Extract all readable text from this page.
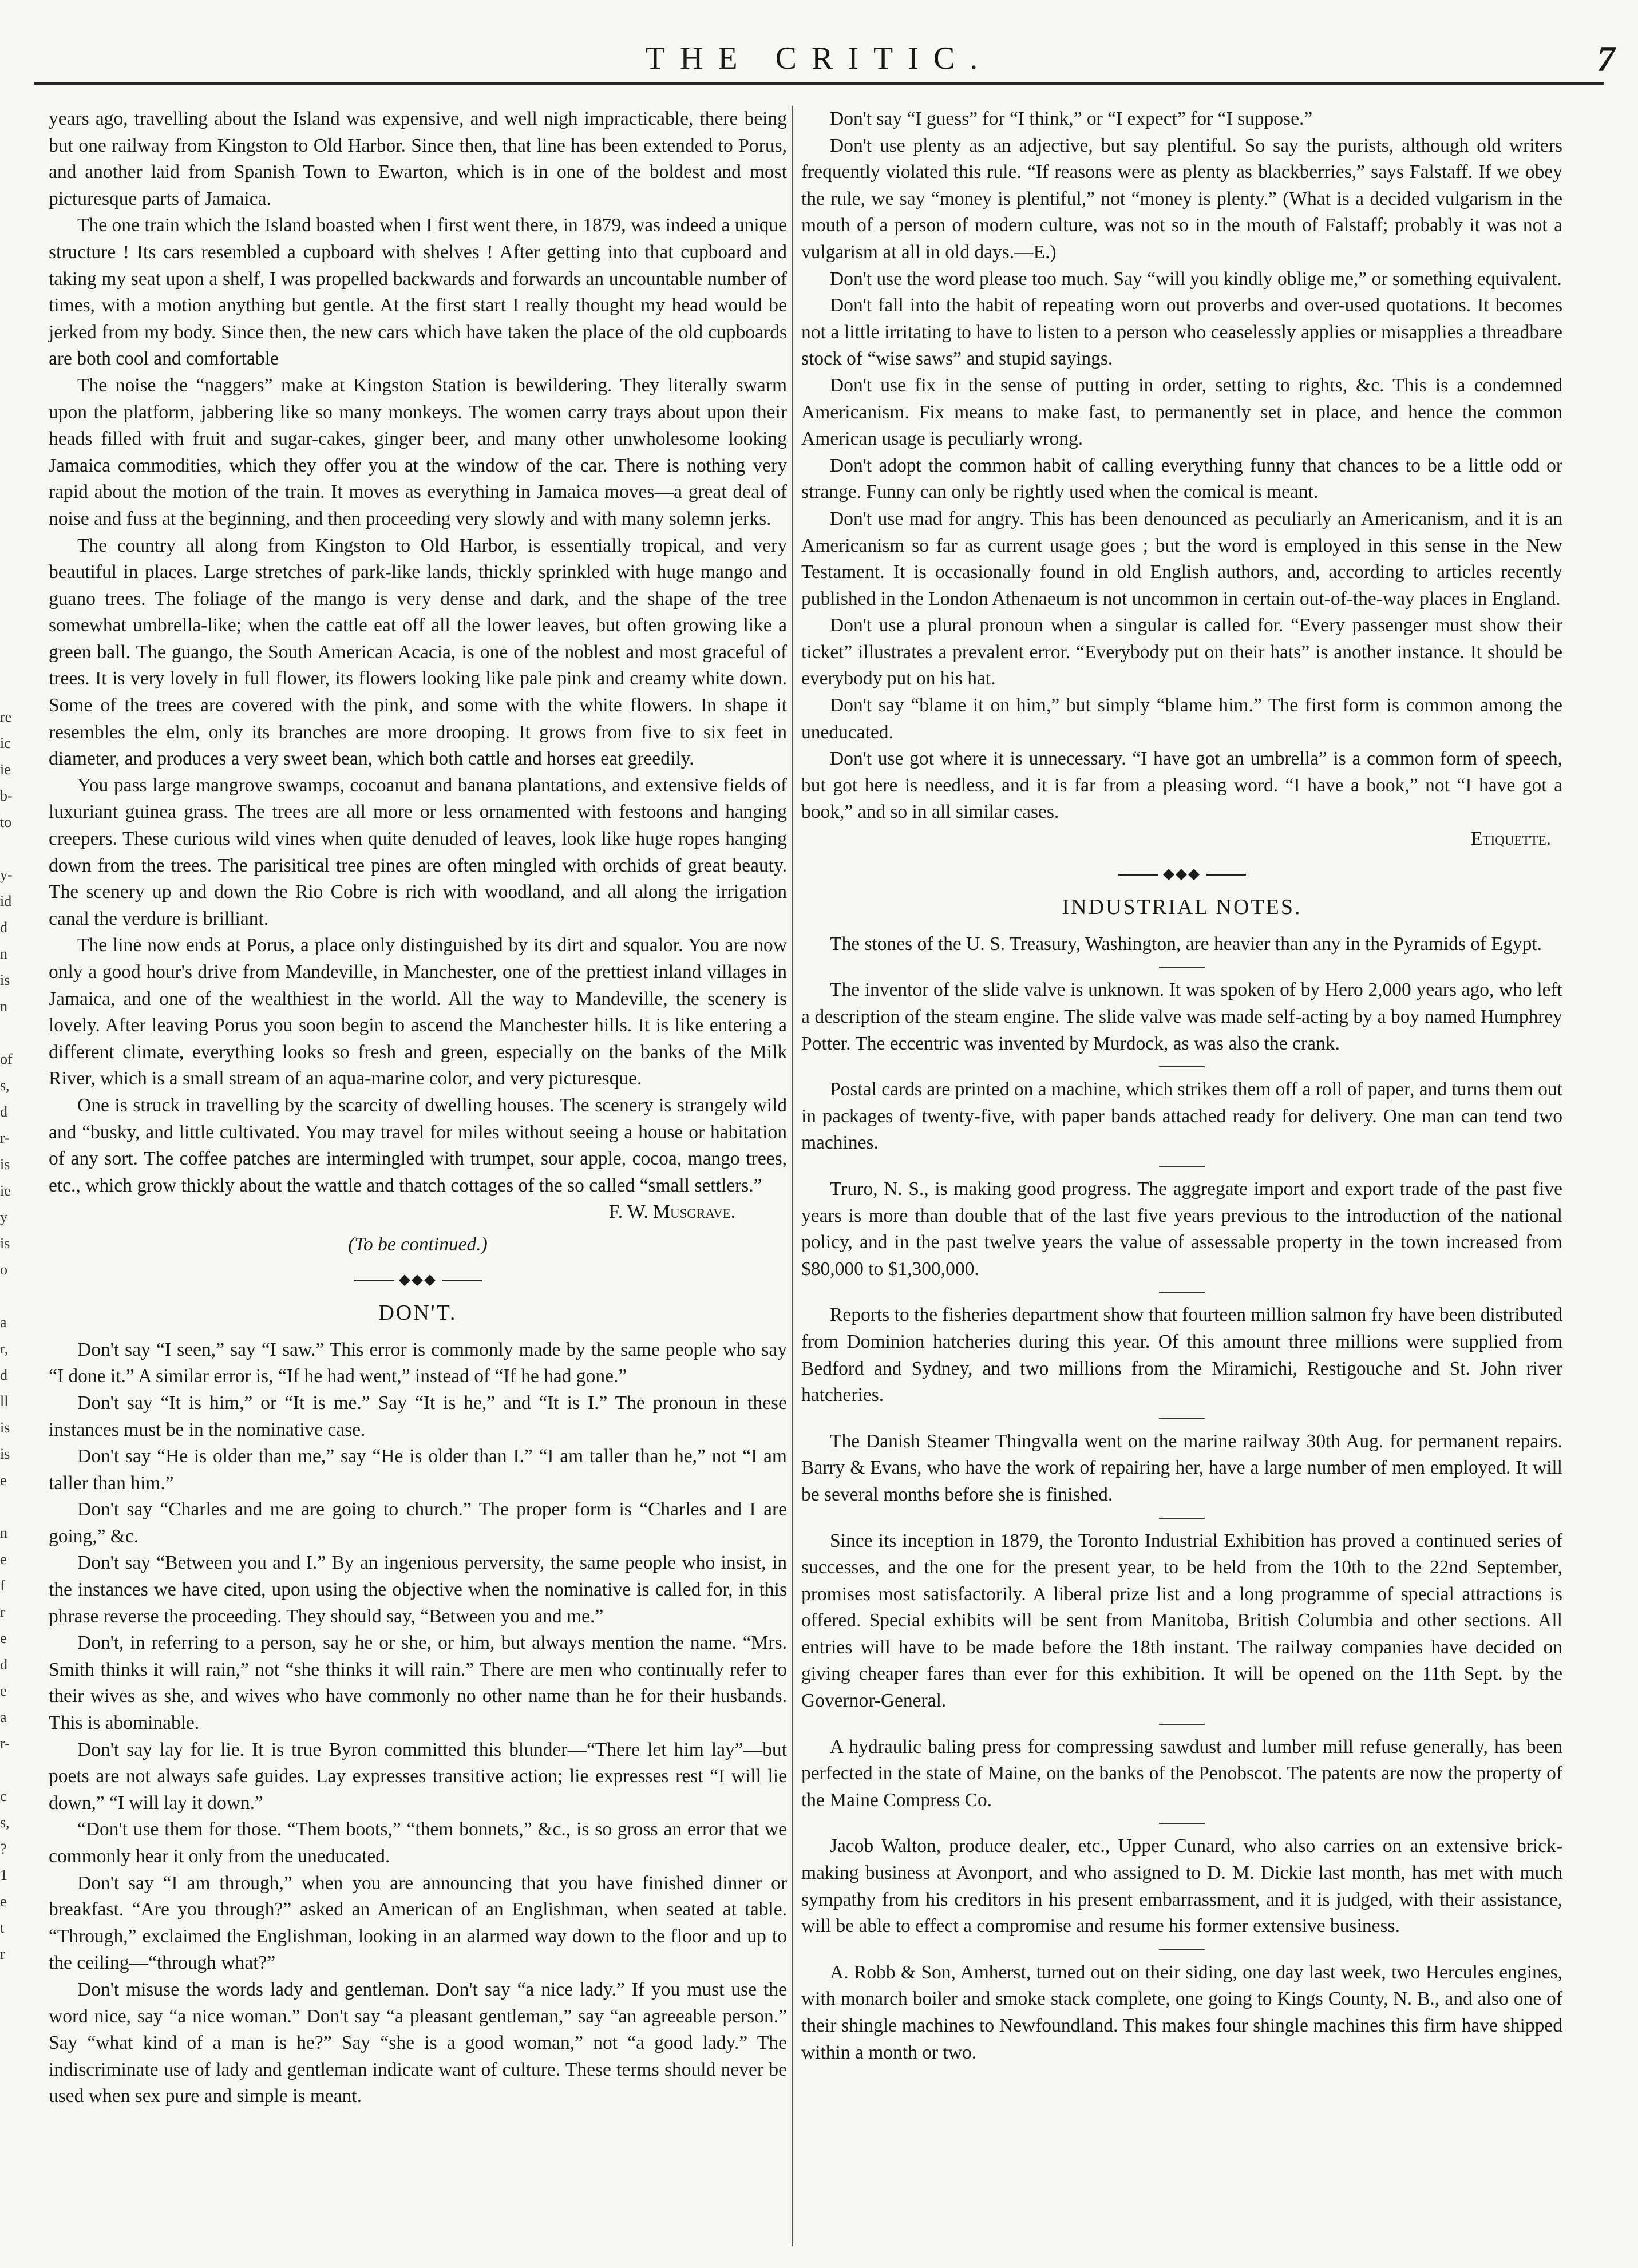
THE CRITIC.	7
re
ic
ie
b-
to

y-
id
d
n
is
n

of
s,
d
r-
is
ie
y
is
o

a
r,
d
ll
is
is
e

n
e
f
r
e
d
e
a
r-

c
s,
?
1
e
t
r

years ago, travelling about the Island was expensive, and well nigh impracticable, there being but one railway from Kingston to Old Harbor. Since then, that line has been extended to Porus, and another laid from Spanish Town to Ewarton, which is in one of the boldest and most picturesque parts of Jamaica.

The one train which the Island boasted when I first went there, in 1879, was indeed a unique structure ! Its cars resembled a cupboard with shelves ! After getting into that cupboard and taking my seat upon a shelf, I was propelled backwards and forwards an uncountable number of times, with a motion anything but gentle. At the first start I really thought my head would be jerked from my body. Since then, the new cars which have taken the place of the old cupboards are both cool and comfortable

The noise the “naggers” make at Kingston Station is bewildering. They literally swarm upon the platform, jabbering like so many monkeys. The women carry trays about upon their heads filled with fruit and sugar-cakes, ginger beer, and many other unwholesome looking Jamaica commodities, which they offer you at the window of the car. There is nothing very rapid about the motion of the train. It moves as everything in Jamaica moves—a great deal of noise and fuss at the beginning, and then proceeding very slowly and with many solemn jerks.

The country all along from Kingston to Old Harbor, is essentially tropical, and very beautiful in places. Large stretches of park-like lands, thickly sprinkled with huge mango and guano trees. The foliage of the mango is very dense and dark, and the shape of the tree somewhat umbrella-like; when the cattle eat off all the lower leaves, but often growing like a green ball. The guango, the South American Acacia, is one of the noblest and most graceful of trees. It is very lovely in full flower, its flowers looking like pale pink and creamy white down. Some of the trees are covered with the pink, and some with the white flowers. In shape it resembles the elm, only its branches are more drooping. It grows from five to six feet in diameter, and produces a very sweet bean, which both cattle and horses eat greedily.

You pass large mangrove swamps, cocoanut and banana plantations, and extensive fields of luxuriant guinea grass. The trees are all more or less ornamented with festoons and hanging creepers. These curious wild vines when quite denuded of leaves, look like huge ropes hanging down from the trees. The parisitical tree pines are often mingled with orchids of great beauty. The scenery up and down the Rio Cobre is rich with woodland, and all along the irrigation canal the verdure is brilliant.

The line now ends at Porus, a place only distinguished by its dirt and squalor. You are now only a good hour's drive from Mandeville, in Manchester, one of the prettiest inland villages in Jamaica, and one of the wealthiest in the world. All the way to Mandeville, the scenery is lovely. After leaving Porus you soon begin to ascend the Manchester hills. It is like entering a different climate, everything looks so fresh and green, especially on the banks of the Milk River, which is a small stream of an aqua-marine color, and very picturesque.

One is struck in travelling by the scarcity of dwelling houses. The scenery is strangely wild and “busky, and little cultivated. You may travel for miles without seeing a house or habitation of any sort. The coffee patches are intermingled with trumpet, sour apple, cocoa, mango trees, etc., which grow thickly about the wattle and thatch cottages of the so called “small settlers.”

F. W. Musgrave.

(To be continued.)

◆◆◆
DON'T.

Don't say “I seen,” say “I saw.” This error is commonly made by the same people who say “I done it.” A similar error is, “If he had went,” instead of “If he had gone.”

Don't say “It is him,” or “It is me.” Say “It is he,” and “It is I.” The pronoun in these instances must be in the nominative case.

Don't say “He is older than me,” say “He is older than I.” “I am taller than he,” not “I am taller than him.”

Don't say “Charles and me are going to church.” The proper form is “Charles and I are going,” &c.

Don't say “Between you and I.” By an ingenious perversity, the same people who insist, in the instances we have cited, upon using the objective when the nominative is called for, in this phrase reverse the proceeding. They should say, “Between you and me.”

Don't, in referring to a person, say he or she, or him, but always mention the name. “Mrs. Smith thinks it will rain,” not “she thinks it will rain.” There are men who continually refer to their wives as she, and wives who have commonly no other name than he for their husbands. This is abominable.

Don't say lay for lie. It is true Byron committed this blunder—“There let him lay”—but poets are not always safe guides. Lay expresses transitive action; lie expresses rest “I will lie down,” “I will lay it down.”

“Don't use them for those. “Them boots,” “them bonnets,” &c., is so gross an error that we commonly hear it only from the uneducated.

Don't say “I am through,” when you are announcing that you have finished dinner or breakfast. “Are you through?” asked an American of an Englishman, when seated at table. “Through,” exclaimed the Englishman, looking in an alarmed way down to the floor and up to the ceiling—“through what?”

Don't misuse the words lady and gentleman. Don't say “a nice lady.” If you must use the word nice, say “a nice woman.” Don't say “a pleasant gentleman,” say “an agreeable person.” Say “what kind of a man is he?” Say “she is a good woman,” not “a good lady.” The indiscriminate use of lady and gentleman indicate want of culture. These terms should never be used when sex pure and simple is meant.

Don't say “I guess” for “I think,” or “I expect” for “I suppose.”

Don't use plenty as an adjective, but say plentiful. So say the purists, although old writers frequently violated this rule. “If reasons were as plenty as blackberries,” says Falstaff. If we obey the rule, we say “money is plentiful,” not “money is plenty.” (What is a decided vulgarism in the mouth of a person of modern culture, was not so in the mouth of Falstaff; probably it was not a vulgarism at all in old days.—E.)

Don't use the word please too much. Say “will you kindly oblige me,” or something equivalent.

Don't fall into the habit of repeating worn out proverbs and over-used quotations. It becomes not a little irritating to have to listen to a person who ceaselessly applies or misapplies a threadbare stock of “wise saws” and stupid sayings.

Don't use fix in the sense of putting in order, setting to rights, &c. This is a condemned Americanism. Fix means to make fast, to permanently set in place, and hence the common American usage is peculiarly wrong.

Don't adopt the common habit of calling everything funny that chances to be a little odd or strange. Funny can only be rightly used when the comical is meant.

Don't use mad for angry. This has been denounced as peculiarly an Americanism, and it is an Americanism so far as current usage goes ; but the word is employed in this sense in the New Testament. It is occasionally found in old English authors, and, according to articles recently published in the London Athenaeum is not uncommon in certain out-of-the-way places in England.

Don't use a plural pronoun when a singular is called for. “Every passenger must show their ticket” illustrates a prevalent error. “Everybody put on their hats” is another instance. It should be everybody put on his hat.

Don't say “blame it on him,” but simply “blame him.” The first form is common among the uneducated.

Don't use got where it is unnecessary. “I have got an umbrella” is a common form of speech, but got here is needless, and it is far from a pleasing word. “I have a book,” not “I have got a book,” and so in all similar cases.

Etiquette.

◆◆◆
INDUSTRIAL NOTES.

The stones of the U. S. Treasury, Washington, are heavier than any in the Pyramids of Egypt.

The inventor of the slide valve is unknown. It was spoken of by Hero 2,000 years ago, who left a description of the steam engine. The slide valve was made self-acting by a boy named Humphrey Potter. The eccentric was invented by Murdock, as was also the crank.

Postal cards are printed on a machine, which strikes them off a roll of paper, and turns them out in packages of twenty-five, with paper bands attached ready for delivery. One man can tend two machines.

Truro, N. S., is making good progress. The aggregate import and export trade of the past five years is more than double that of the last five years previous to the introduction of the national policy, and in the past twelve years the value of assessable property in the town increased from $80,000 to $1,300,000.

Reports to the fisheries department show that fourteen million salmon fry have been distributed from Dominion hatcheries during this year. Of this amount three millions were supplied from Bedford and Sydney, and two millions from the Miramichi, Restigouche and St. John river hatcheries.

The Danish Steamer Thingvalla went on the marine railway 30th Aug. for permanent repairs. Barry & Evans, who have the work of repairing her, have a large number of men employed. It will be several months before she is finished.

Since its inception in 1879, the Toronto Industrial Exhibition has proved a continued series of successes, and the one for the present year, to be held from the 10th to the 22nd September, promises most satisfactorily. A liberal prize list and a long programme of special attractions is offered. Special exhibits will be sent from Manitoba, British Columbia and other sections. All entries will have to be made before the 18th instant. The railway companies have decided on giving cheaper fares than ever for this exhibition. It will be opened on the 11th Sept. by the Governor-General.

A hydraulic baling press for compressing sawdust and lumber mill refuse generally, has been perfected in the state of Maine, on the banks of the Penobscot. The patents are now the property of the Maine Compress Co.

Jacob Walton, produce dealer, etc., Upper Cunard, who also carries on an extensive brick-making business at Avonport, and who assigned to D. M. Dickie last month, has met with much sympathy from his creditors in his present embarrassment, and it is judged, with their assistance, will be able to effect a compromise and resume his former extensive business.

A. Robb & Son, Amherst, turned out on their siding, one day last week, two Hercules engines, with monarch boiler and smoke stack complete, one going to Kings County, N. B., and also one of their shingle machines to Newfoundland. This makes four shingle machines this firm have shipped within a month or two.
